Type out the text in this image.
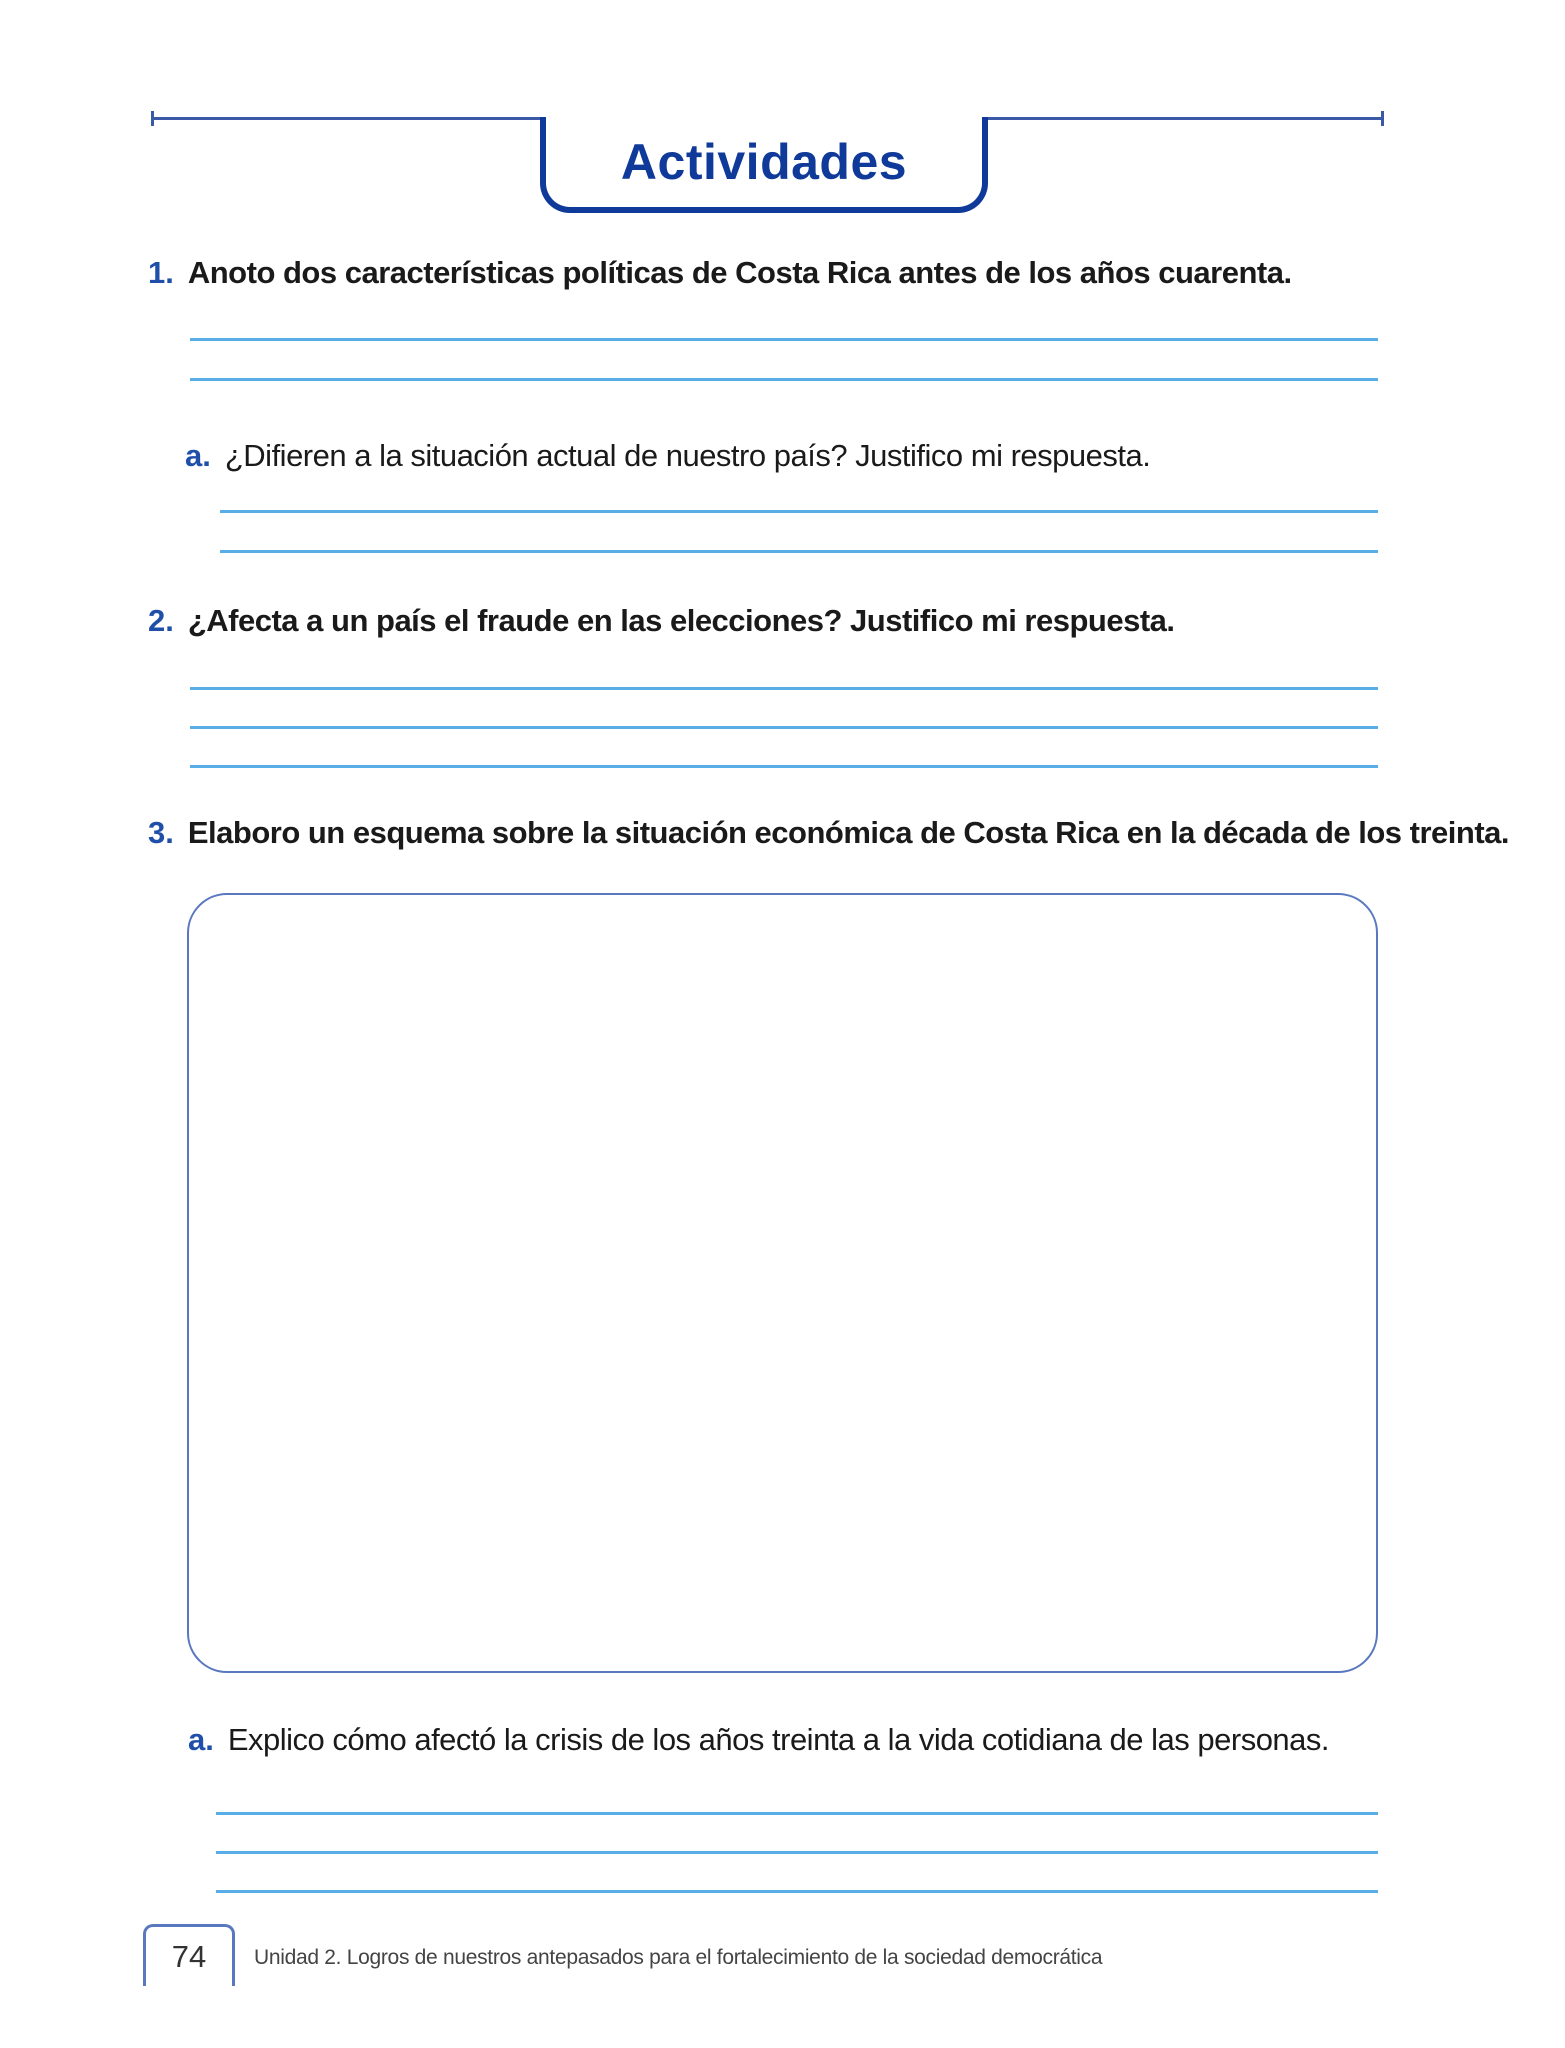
Actividades
1. Anoto dos características políticas de Costa Rica antes de los años cuarenta.
a. ¿Difieren a la situación actual de nuestro país? Justifico mi respuesta.
2. ¿Afecta a un país el fraude en las elecciones? Justifico mi respuesta.
3. Elaboro un esquema sobre la situación económica de Costa Rica en la década de los treinta.
a. Explico cómo afectó la crisis de los años treinta a la vida cotidiana de las personas.
74 Unidad 2. Logros de nuestros antepasados para el fortalecimiento de la sociedad democrática
